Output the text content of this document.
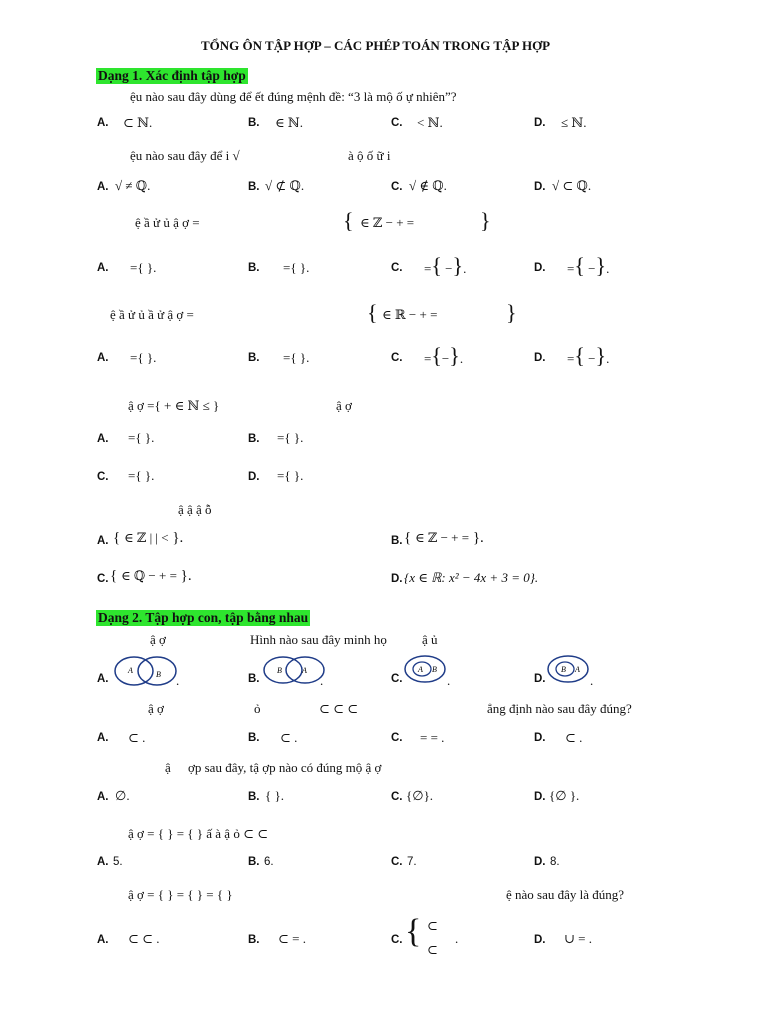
TỔNG ÔN TẬP HỢP – CÁC PHÉP TOÁN TRONG TẬP HỢP
Dạng 1. Xác định tập hợp
ệu nào sau đây dùng để ết đúng mệnh đề: “3 là mộ ố ự nhiên”?
A. ⊂ ℕ.	B. ∈ ℕ.	C. < ℕ.	D. ≤ ℕ.
ệu nào sau đây để i √	à ộ ố ữ i
A. √ ≠ ℚ.	B. √ ⊄ ℚ.	C. √ ∉ ℚ.	D. √ ⊂ ℚ.
ệ ầ ử ủ ậ ợ =	{ ∈ ℤ − + =	}
A. ={ }.	B. ={ }.	C. ={ −}.	D. ={ −}.
ệ ầ ử ủ ầ ử ậ ợ =	{ ∈ ℝ − + =	}
A. ={ }.	B. ={ }.	C. ={−}.	D. ={ −}.
ậ ợ ={ + ∈ ℕ ≤ }	ậ ợ
A. ={ }.	B. ={ }.
C. ={ }.	D. ={ }.
ậ ậ ậ ỗ
A. { ∈ ℤ | | < }.	B. { ∈ ℤ − + = }.
C. { ∈ ℚ − + = }.	D. {x ∈ ℝ: x² − 4x + 3 = 0}.
Dạng 2. Tập hợp con, tập bằng nhau
ậ ợ	Hình nào sau đây minh họ	ậ ủ
A.
A	B .	B.
B	A
.	C.
A B
.	D.
B A
.
ậ ợ	ỏ	⊂ ⊂ ⊂	ẳng định nào sau đây đúng?
A. ⊂ .	B. ⊂ .	C. = = .	D. ⊂ .
ậ ợp sau đây, tậ ợp nào có đúng mộ ậ ợ
A. ∅.	B. { }.	C. {∅}.	D. {∅ }.
ậ ợ = { } = { } ấ à ậ ỏ ⊂ ⊂
A. 5.	B. 6.	C. 7.	D. 8.
ậ ợ = { } = { } = { }	ệ nào sau đây là đúng?
A. ⊂ ⊂ .	B. ⊂ = .	C. { ⊂
⊂
.	D. ∪ = .
